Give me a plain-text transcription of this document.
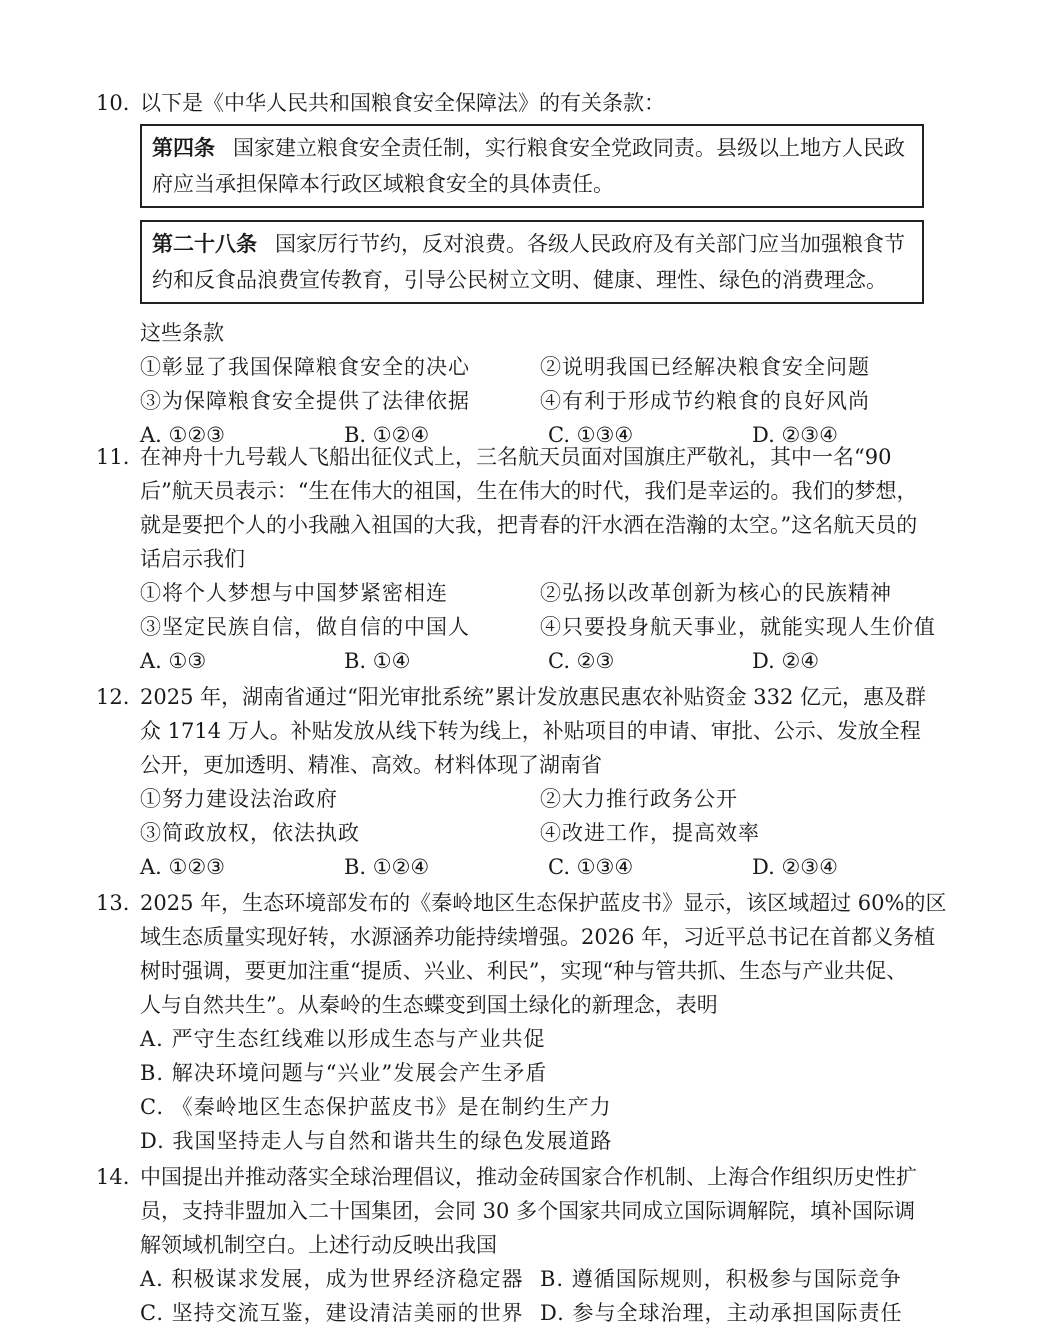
10. 以下是《中华人民共和国粮食安全保障法》的有关条款：
第四条 国家建立粮食安全责任制，实行粮食安全党政同责。县级以上地方人民政
府应当承担保障本行政区域粮食安全的具体责任。
第二十八条 国家厉行节约，反对浪费。各级人民政府及有关部门应当加强粮食节
约和反食品浪费宣传教育，引导公民树立文明、健康、理性、绿色的消费理念。
这些条款
①彰显了我国保障粮食安全的决心	②说明我国已经解决粮食安全问题
③为保障粮食安全提供了法律依据	④有利于形成节约粮食的良好风尚
A. ①②③	B. ①②④	C. ①③④	D. ②③④
11. 在神舟十九号载人飞船出征仪式上，三名航天员面对国旗庄严敬礼，其中一名“90
后”航天员表示：“生在伟大的祖国，生在伟大的时代，我们是幸运的。我们的梦想，
就是要把个人的小我融入祖国的大我，把青春的汗水洒在浩瀚的太空。”这名航天员的
话启示我们
①将个人梦想与中国梦紧密相连	②弘扬以改革创新为核心的民族精神
③坚定民族自信，做自信的中国人	④只要投身航天事业，就能实现人生价值
A. ①③	B. ①④	C. ②③	D. ②④
12. 2025 年，湖南省通过“阳光审批系统”累计发放惠民惠农补贴资金 332 亿元，惠及群
众 1714 万人。补贴发放从线下转为线上，补贴项目的申请、审批、公示、发放全程
公开，更加透明、精准、高效。材料体现了湖南省
①努力建设法治政府	②大力推行政务公开
③简政放权，依法执政	④改进工作，提高效率
A. ①②③	B. ①②④	C. ①③④	D. ②③④
13. 2025 年，生态环境部发布的《秦岭地区生态保护蓝皮书》显示，该区域超过 60%的区
域生态质量实现好转，水源涵养功能持续增强。2026 年，习近平总书记在首都义务植
树时强调，要更加注重“提质、兴业、利民”，实现“种与管共抓、生态与产业共促、
人与自然共生”。从秦岭的生态蝶变到国土绿化的新理念，表明
A. 严守生态红线难以形成生态与产业共促
B. 解决环境问题与“兴业”发展会产生矛盾
C. 《秦岭地区生态保护蓝皮书》是在制约生产力
D. 我国坚持走人与自然和谐共生的绿色发展道路
14. 中国提出并推动落实全球治理倡议，推动金砖国家合作机制、上海合作组织历史性扩
员，支持非盟加入二十国集团，会同 30 多个国家共同成立国际调解院，填补国际调
解领域机制空白。上述行动反映出我国
A. 积极谋求发展，成为世界经济稳定器 B. 遵循国际规则，积极参与国际竞争
C. 坚持交流互鉴，建设清洁美丽的世界 D. 参与全球治理，主动承担国际责任
